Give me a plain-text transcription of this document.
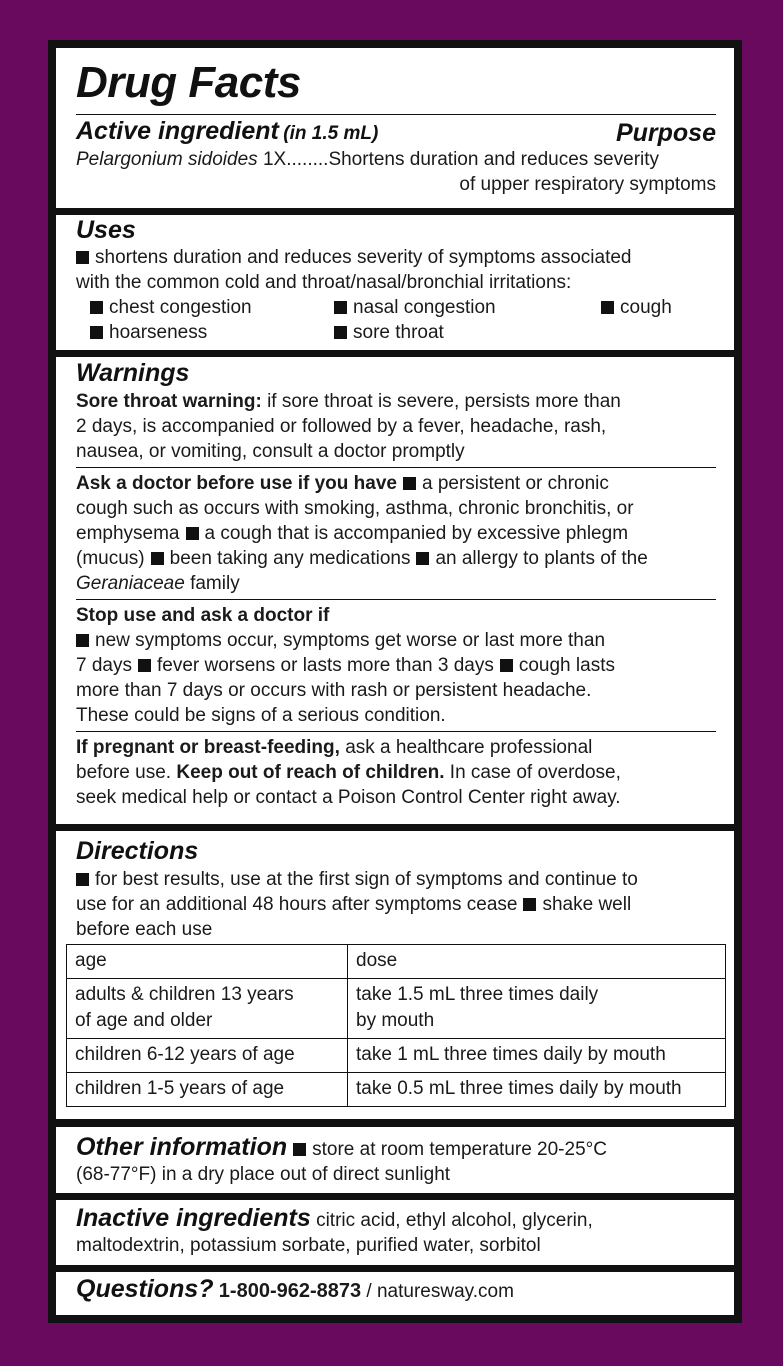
Drug Facts
Active ingredient (in 1.5 mL)	Purpose
Pelargonium sidoides 1X........Shortens duration and reduces severity
of upper respiratory symptoms
Uses
shortens duration and reduces severity of symptoms associated
with the common cold and throat/nasal/bronchial irritations:
chest congestion	nasal congestion	cough
hoarseness	sore throat
Warnings
Sore throat warning: if sore throat is severe, persists more than
2 days, is accompanied or followed by a fever, headache, rash,
nausea, or vomiting, consult a doctor promptly
Ask a doctor before use if you have a persistent or chronic
cough such as occurs with smoking, asthma, chronic bronchitis, or
emphysema a cough that is accompanied by excessive phlegm
(mucus) been taking any medications an allergy to plants of the
Geraniaceae family
Stop use and ask a doctor if
new symptoms occur, symptoms get worse or last more than
7 days fever worsens or lasts more than 3 days cough lasts
more than 7 days or occurs with rash or persistent headache.
These could be signs of a serious condition.
If pregnant or breast-feeding, ask a healthcare professional
before use. Keep out of reach of children. In case of overdose,
seek medical help or contact a Poison Control Center right away.
Directions
for best results, use at the first sign of symptoms and continue to
use for an additional 48 hours after symptoms cease shake well
before each use
age	dose
adults & children 13 years
of age and older	take 1.5 mL three times daily
by mouth
children 6-12 years of age	take 1 mL three times daily by mouth
children 1-5 years of age	take 0.5 mL three times daily by mouth
Other information store at room temperature 20-25°C
(68-77°F) in a dry place out of direct sunlight
Inactive ingredients citric acid, ethyl alcohol, glycerin,
maltodextrin, potassium sorbate, purified water, sorbitol
Questions? 1-800-962-8873 / naturesway.com
